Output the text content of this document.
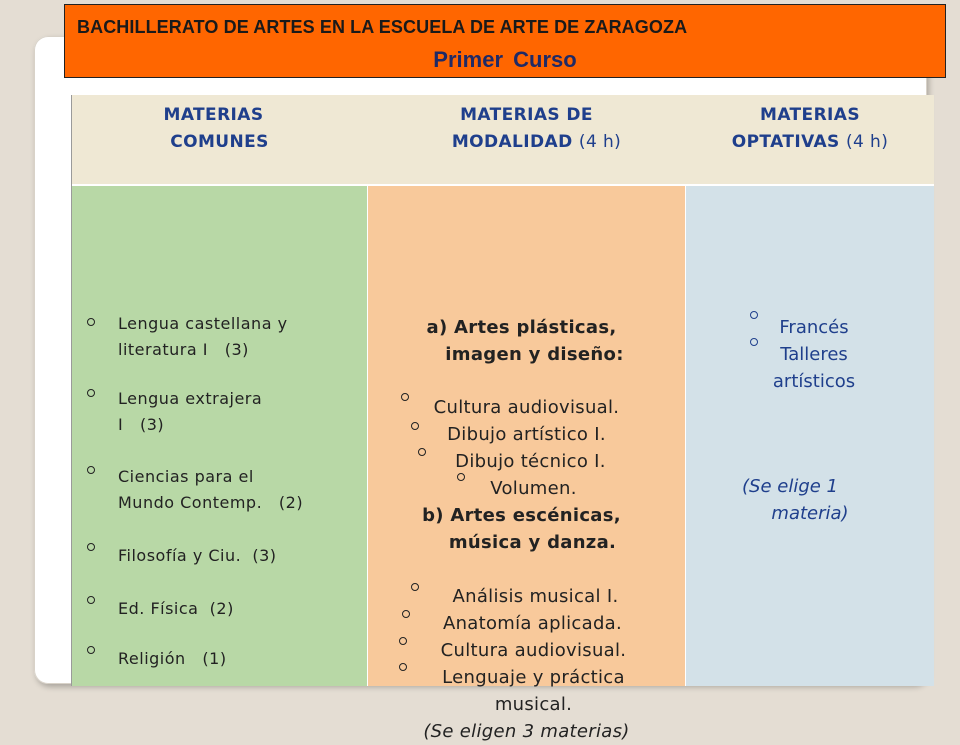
BACHILLERATO DE ARTES EN LA ESCUELA DE ARTE DE ZARAGOZA
Primer Curso
MATERIAS
COMUNES
Lengua castellana y
literatura I   (3)
Lengua extrajera
I   (3)
Ciencias para el
Mundo Contemp.   (2)
Filosofía y Ciu.  (3)
Ed. Física  (2)
Religión   (1)
MATERIAS DE
MODALIDAD (4 h)
a) Artes plásticas,
imagen y diseño:
Cultura audiovisual.
Dibujo artístico I.
Dibujo técnico I.
Volumen.
b) Artes escénicas,
música y danza.
Análisis musical I.
Anatomía aplicada.
Cultura audiovisual.
Lenguaje y práctica
musical.
(Se eligen 3 materias)
MATERIAS
OPTATIVAS (4 h)
Francés
Talleres
artísticos
(Se elige 1
materia)
